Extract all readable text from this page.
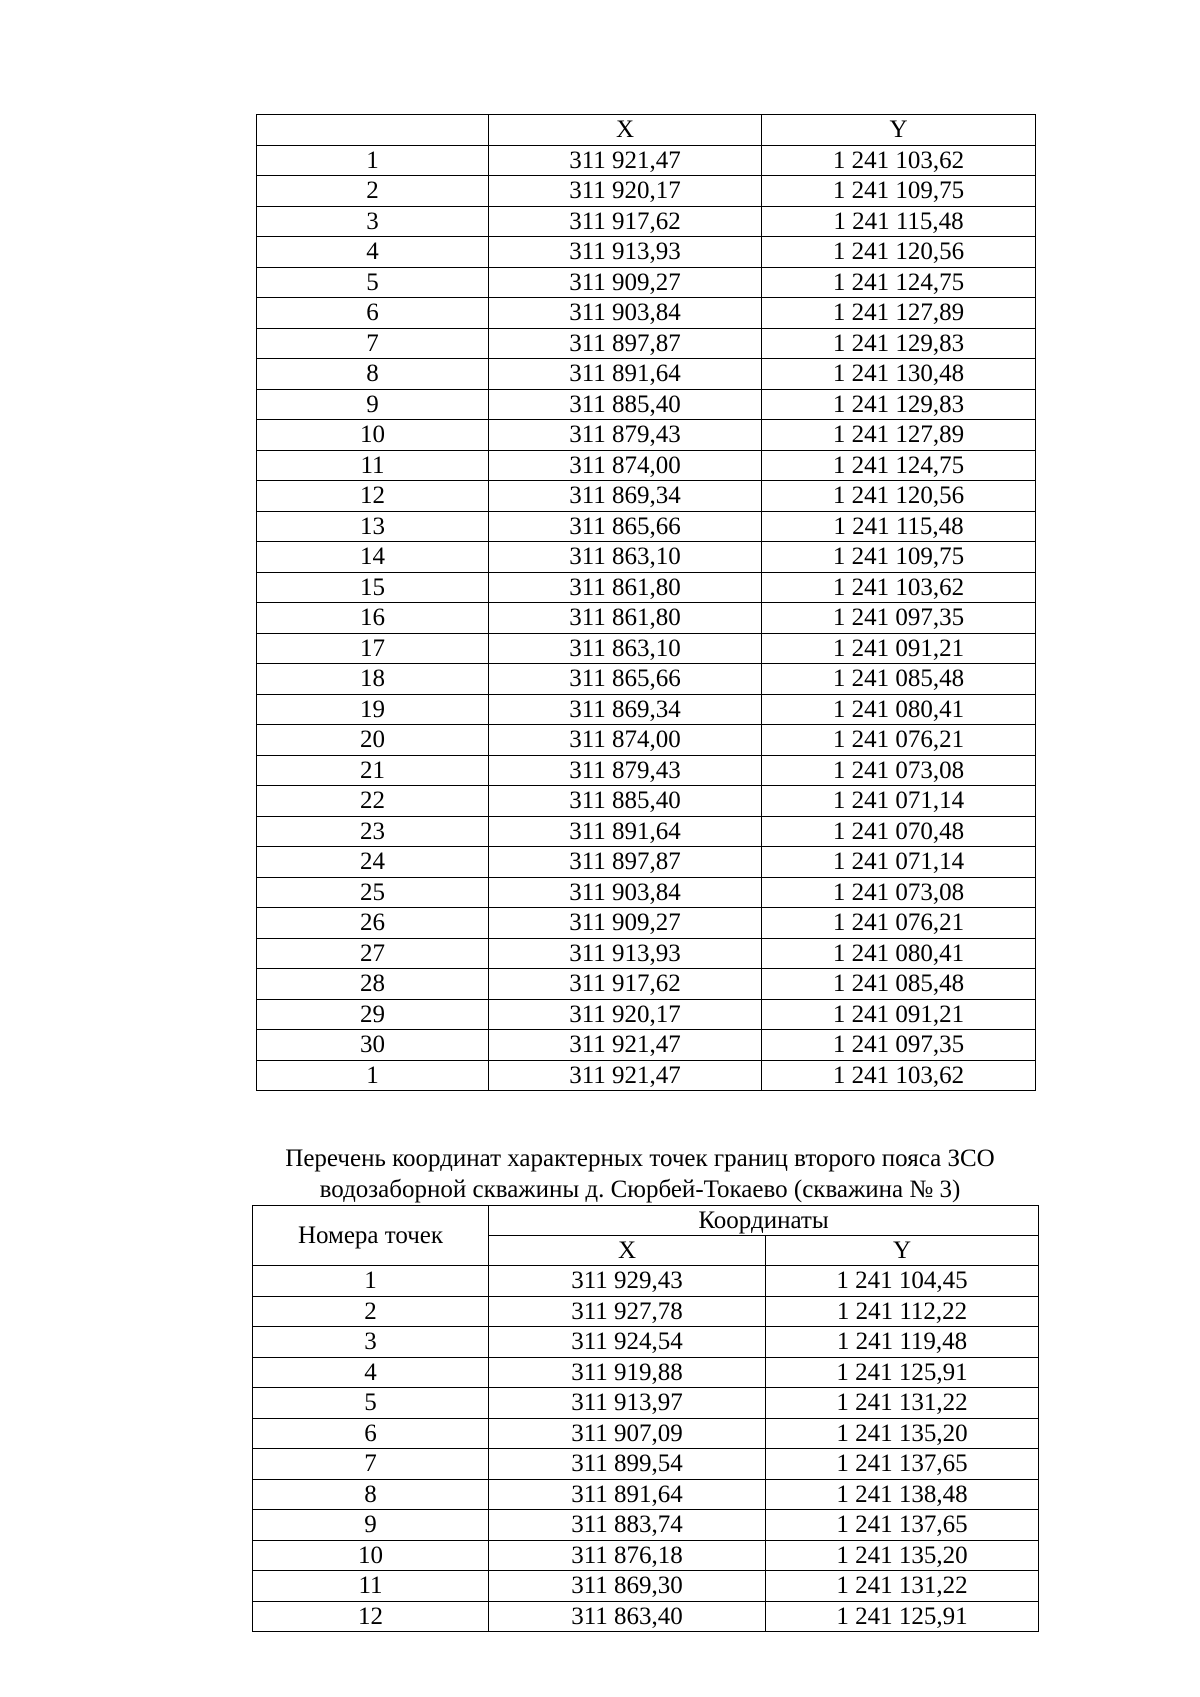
	X	Y
1	311 921,47	1 241 103,62
2	311 920,17	1 241 109,75
3	311 917,62	1 241 115,48
4	311 913,93	1 241 120,56
5	311 909,27	1 241 124,75
6	311 903,84	1 241 127,89
7	311 897,87	1 241 129,83
8	311 891,64	1 241 130,48
9	311 885,40	1 241 129,83
10	311 879,43	1 241 127,89
11	311 874,00	1 241 124,75
12	311 869,34	1 241 120,56
13	311 865,66	1 241 115,48
14	311 863,10	1 241 109,75
15	311 861,80	1 241 103,62
16	311 861,80	1 241 097,35
17	311 863,10	1 241 091,21
18	311 865,66	1 241 085,48
19	311 869,34	1 241 080,41
20	311 874,00	1 241 076,21
21	311 879,43	1 241 073,08
22	311 885,40	1 241 071,14
23	311 891,64	1 241 070,48
24	311 897,87	1 241 071,14
25	311 903,84	1 241 073,08
26	311 909,27	1 241 076,21
27	311 913,93	1 241 080,41
28	311 917,62	1 241 085,48
29	311 920,17	1 241 091,21
30	311 921,47	1 241 097,35
1	311 921,47	1 241 103,62
Перечень координат характерных точек границ второго пояса ЗСО
водозаборной скважины д. Сюрбей-Токаево (скважина № 3)
Номера точек	Координаты	
	X	Y
1	311 929,43	1 241 104,45
2	311 927,78	1 241 112,22
3	311 924,54	1 241 119,48
4	311 919,88	1 241 125,91
5	311 913,97	1 241 131,22
6	311 907,09	1 241 135,20
7	311 899,54	1 241 137,65
8	311 891,64	1 241 138,48
9	311 883,74	1 241 137,65
10	311 876,18	1 241 135,20
11	311 869,30	1 241 131,22
12	311 863,40	1 241 125,91
